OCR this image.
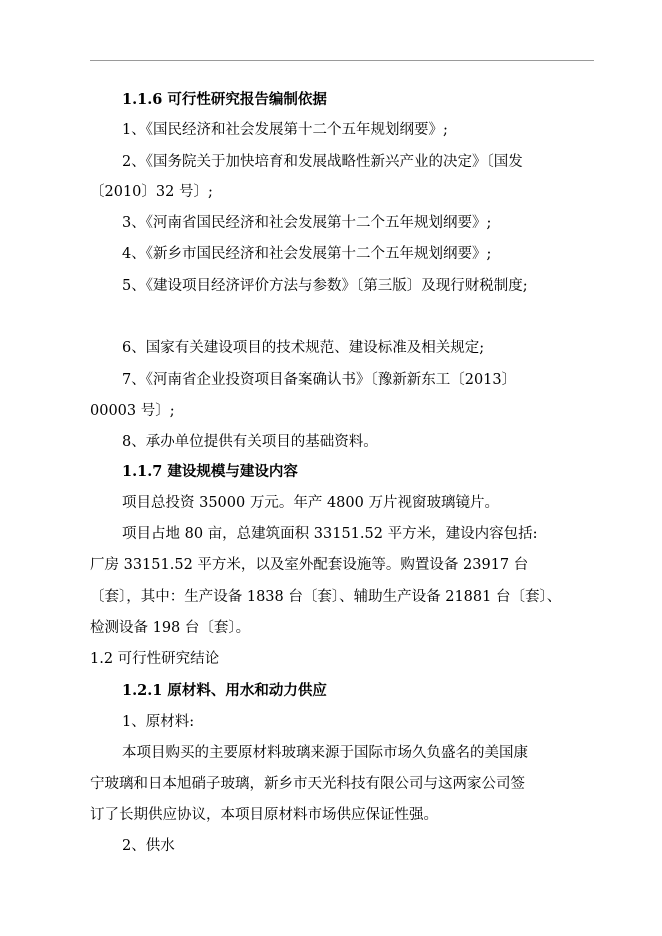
1.1.6 可行性研究报告编制依据
1、《国民经济和社会发展第十二个五年规划纲要》;
2、《国务院关于加快培育和发展战略性新兴产业的决定》〔国发
〔2010〕32 号〕;
3、《河南省国民经济和社会发展第十二个五年规划纲要》;
4、《新乡市国民经济和社会发展第十二个五年规划纲要》;
5、《建设项目经济评价方法与参数》〔第三版〕及现行财税制度;
6、国家有关建设项目的技术规范、建设标准及相关规定;
7、《河南省企业投资项目备案确认书》〔豫新新东工〔2013〕
00003 号〕;
8、承办单位提供有关项目的基础资料。
1.1.7 建设规模与建设内容
项目总投资 35000 万元。年产 4800 万片视窗玻璃镜片。
项目占地 80 亩，总建筑面积 33151.52 平方米，建设内容包括:
厂房 33151.52 平方米，以及室外配套设施等。购置设备 23917 台
〔套〕，其中：生产设备 1838 台〔套〕、辅助生产设备 21881 台〔套〕、
检测设备 198 台〔套〕。
1.2 可行性研究结论
1.2.1 原材料、用水和动力供应
1、原材料:
本项目购买的主要原材料玻璃来源于国际市场久负盛名的美国康
宁玻璃和日本旭硝子玻璃，新乡市天光科技有限公司与这两家公司签
订了长期供应协议，本项目原材料市场供应保证性强。
2、供水
